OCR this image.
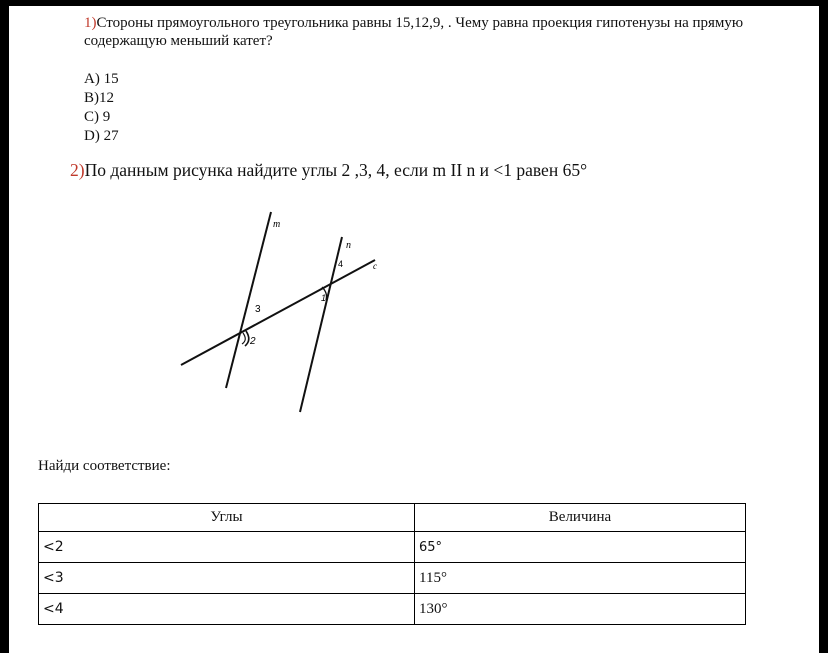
1)Стороны прямоугольного треугольника равны 15,12,9, . Чему равна проекция гипотенузы на прямую содержащую меньший катет?
A) 15
B)12
C) 9
D) 27
2)По данным рисунка найдите углы 2 ,3, 4, если m II n и <1 равен 65°
m
n
c
4
1
3
2
Найди соответствие:
Углы	Величина
<2	65°
<3	115°
<4	130°
